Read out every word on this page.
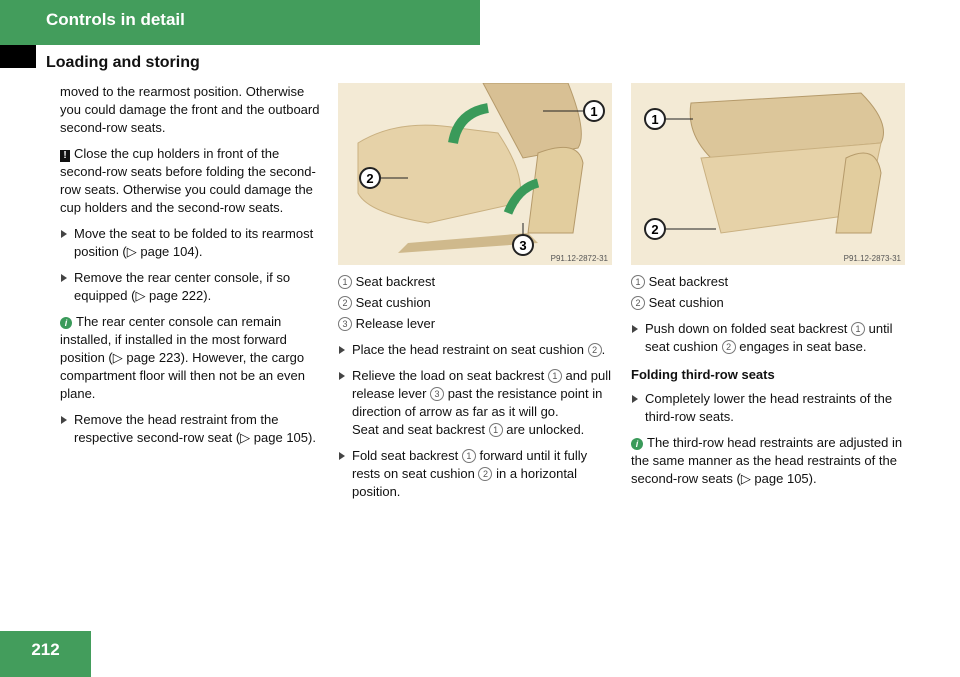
Controls in detail
Loading and storing

moved to the rearmost position. Otherwise you could damage the front and the outboard second-row seats.

! Close the cup holders in front of the second-row seats before folding the second-row seats. Otherwise you could damage the cup holders and the second-row seats.

Move the seat to be folded to its rearmost position (▷ page 104).

Remove the rear center console, if so equipped (▷ page 222).

i The rear center console can remain installed, if installed in the most forward position (▷ page 223). However, the cargo compartment floor will then not be an even plane.

Remove the head restraint from the respective second-row seat (▷ page 105).

1
2
3
P91.12-2872-31
1 Seat backrest
2 Seat cushion
3 Release lever

Place the head restraint on seat cushion 2 .

Relieve the load on seat backrest 1 and pull release lever 3 past the resistance point in direction of arrow as far as it will go.
Seat and seat backrest 1 are unlocked.

Fold seat backrest 1 forward until it fully rests on seat cushion 2 in a horizontal position.

1
2
P91.12-2873-31
1 Seat backrest
2 Seat cushion

Push down on folded seat backrest 1 until seat cushion 2 engages in seat base.

Folding third-row seats

Completely lower the head restraints of the third-row seats.

i The third-row head restraints are adjusted in the same manner as the head restraints of the second-row seats (▷ page 105).

212
